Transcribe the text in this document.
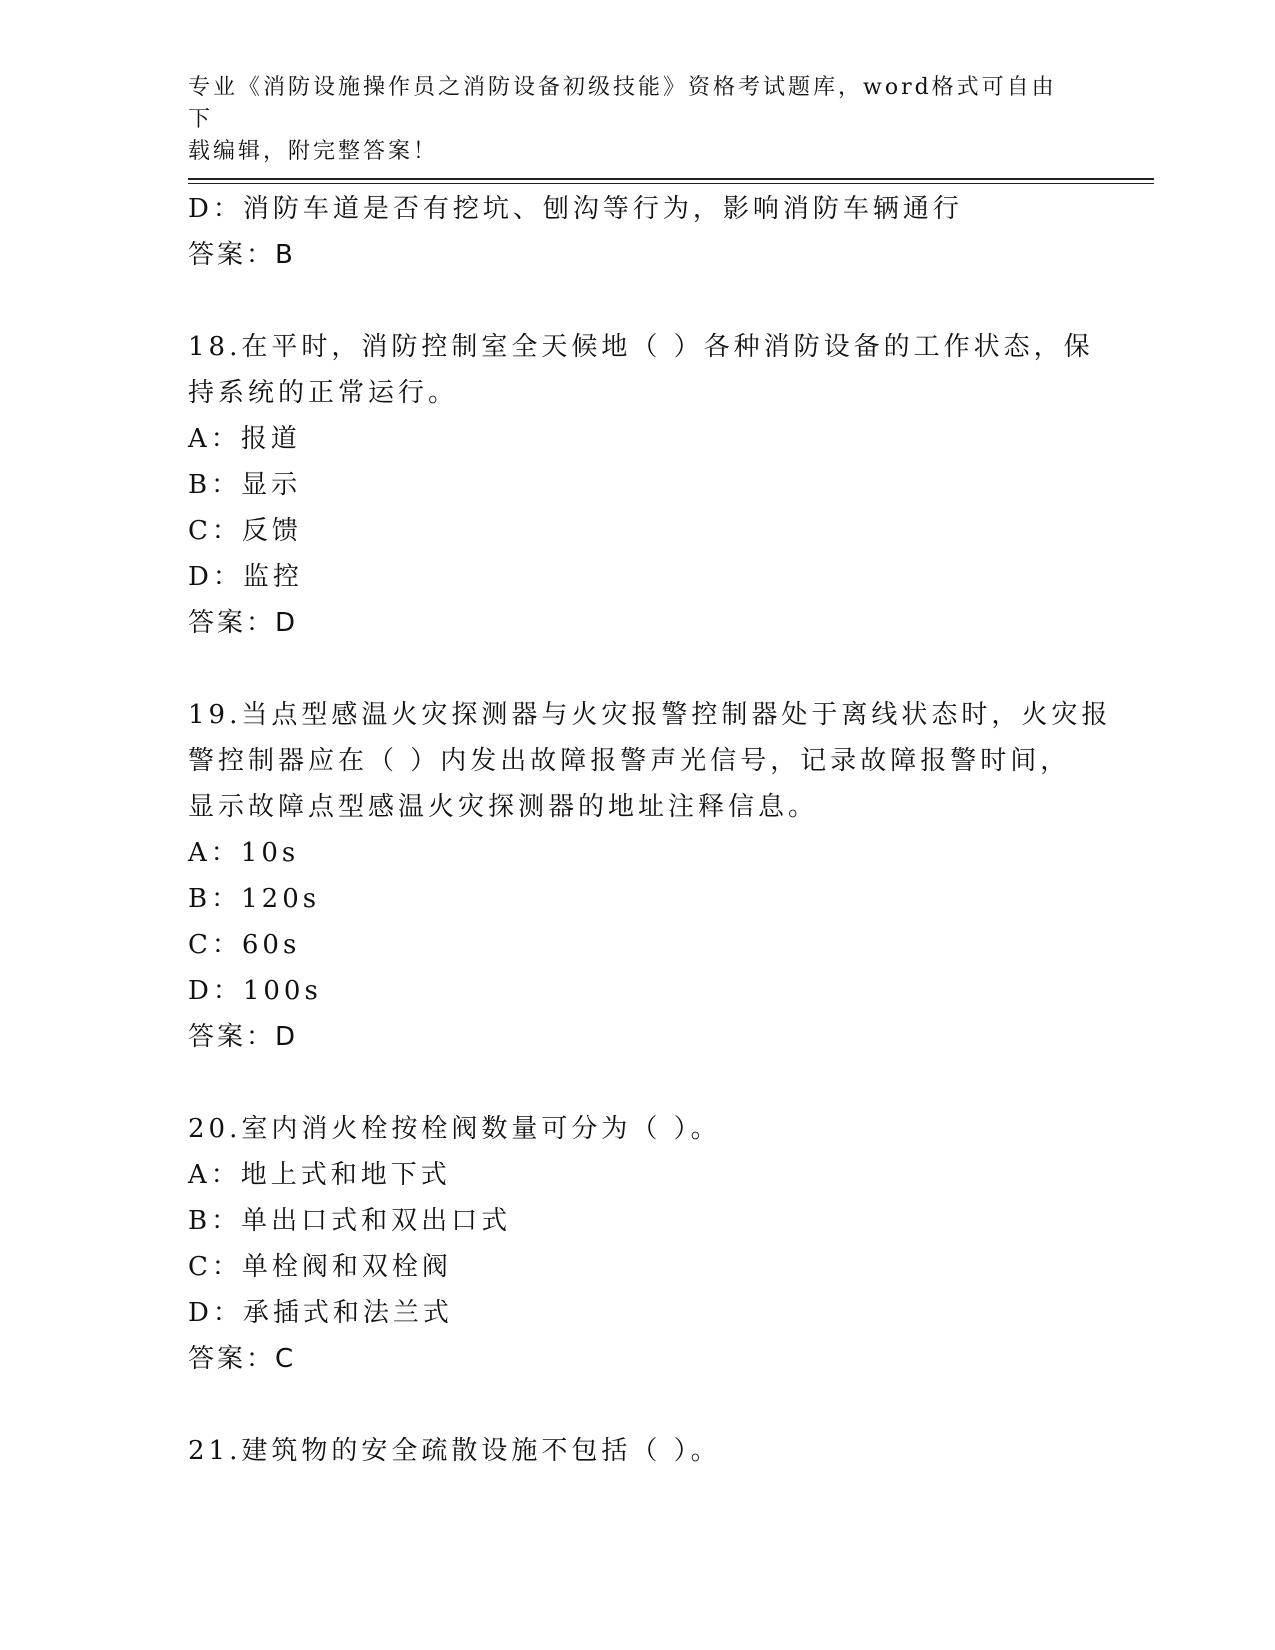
专业《消防设施操作员之消防设备初级技能》资格考试题库，word格式可自由下
载编辑，附完整答案！
D：消防车道是否有挖坑、刨沟等行为，影响消防车辆通行
答案：B
18.在平时，消防控制室全天候地（ ）各种消防设备的工作状态，保
持系统的正常运行。
A：报道
B：显示
C：反馈
D：监控
答案：D
19.当点型感温火灾探测器与火灾报警控制器处于离线状态时，火灾报
警控制器应在（ ）内发出故障报警声光信号，记录故障报警时间，
显示故障点型感温火灾探测器的地址注释信息。
A：10s
B：120s
C：60s
D：100s
答案：D
20.室内消火栓按栓阀数量可分为（ ）。
A：地上式和地下式
B：单出口式和双出口式
C：单栓阀和双栓阀
D：承插式和法兰式
答案：C
21.建筑物的安全疏散设施不包括（ ）。
